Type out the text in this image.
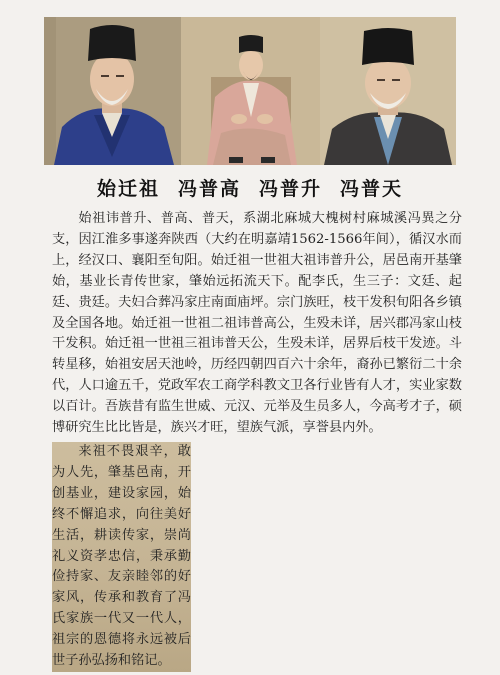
始迁祖 冯普高 冯普升 冯普天

始祖讳普升、普高、普天，系湖北麻城大槐树村麻城溪冯異之分支，因江淮多事遂奔陕西（大约在明嘉靖1562-1566年间），循汉水而上，经汉口、襄阳至旬阳。始迁祖一世祖大祖讳普升公，居邑南开基肇始，基业长青传世家，肇始远拓流天下。配李氏，生三子：文廷、起廷、贵廷。夫妇合葬冯家庄南面庙坪。宗门族旺，枝干发积旬阳各乡镇及全国各地。始迁祖一世祖二祖讳普高公，生殁未详，居兴郡冯家山枝干发积。始迁祖一世祖三祖讳普天公，生殁未详，居界后枝干发迹。斗转星移，始祖安居天池岭，历经四朝四百六十余年，裔孙已繁衍二十余代，人口逾五千，党政军农工商学科教文卫各行业皆有人才，实业家数以百计。吾族昔有监生世威、元汉、元举及生员多人，今高考才子，硕博研究生比比皆是，族兴才旺，望族气派，享誉县内外。

来祖不畏艰辛，敢为人先，肇基邑南，开创基业，建设家园，始终不懈追求，向往美好生活，耕读传家，崇尚礼义资孝忠信，秉承勤俭持家、友亲睦邻的好家风，传承和教育了冯氏家族一代又一代人，祖宗的恩德将永远被后世子孙弘扬和铭记。
